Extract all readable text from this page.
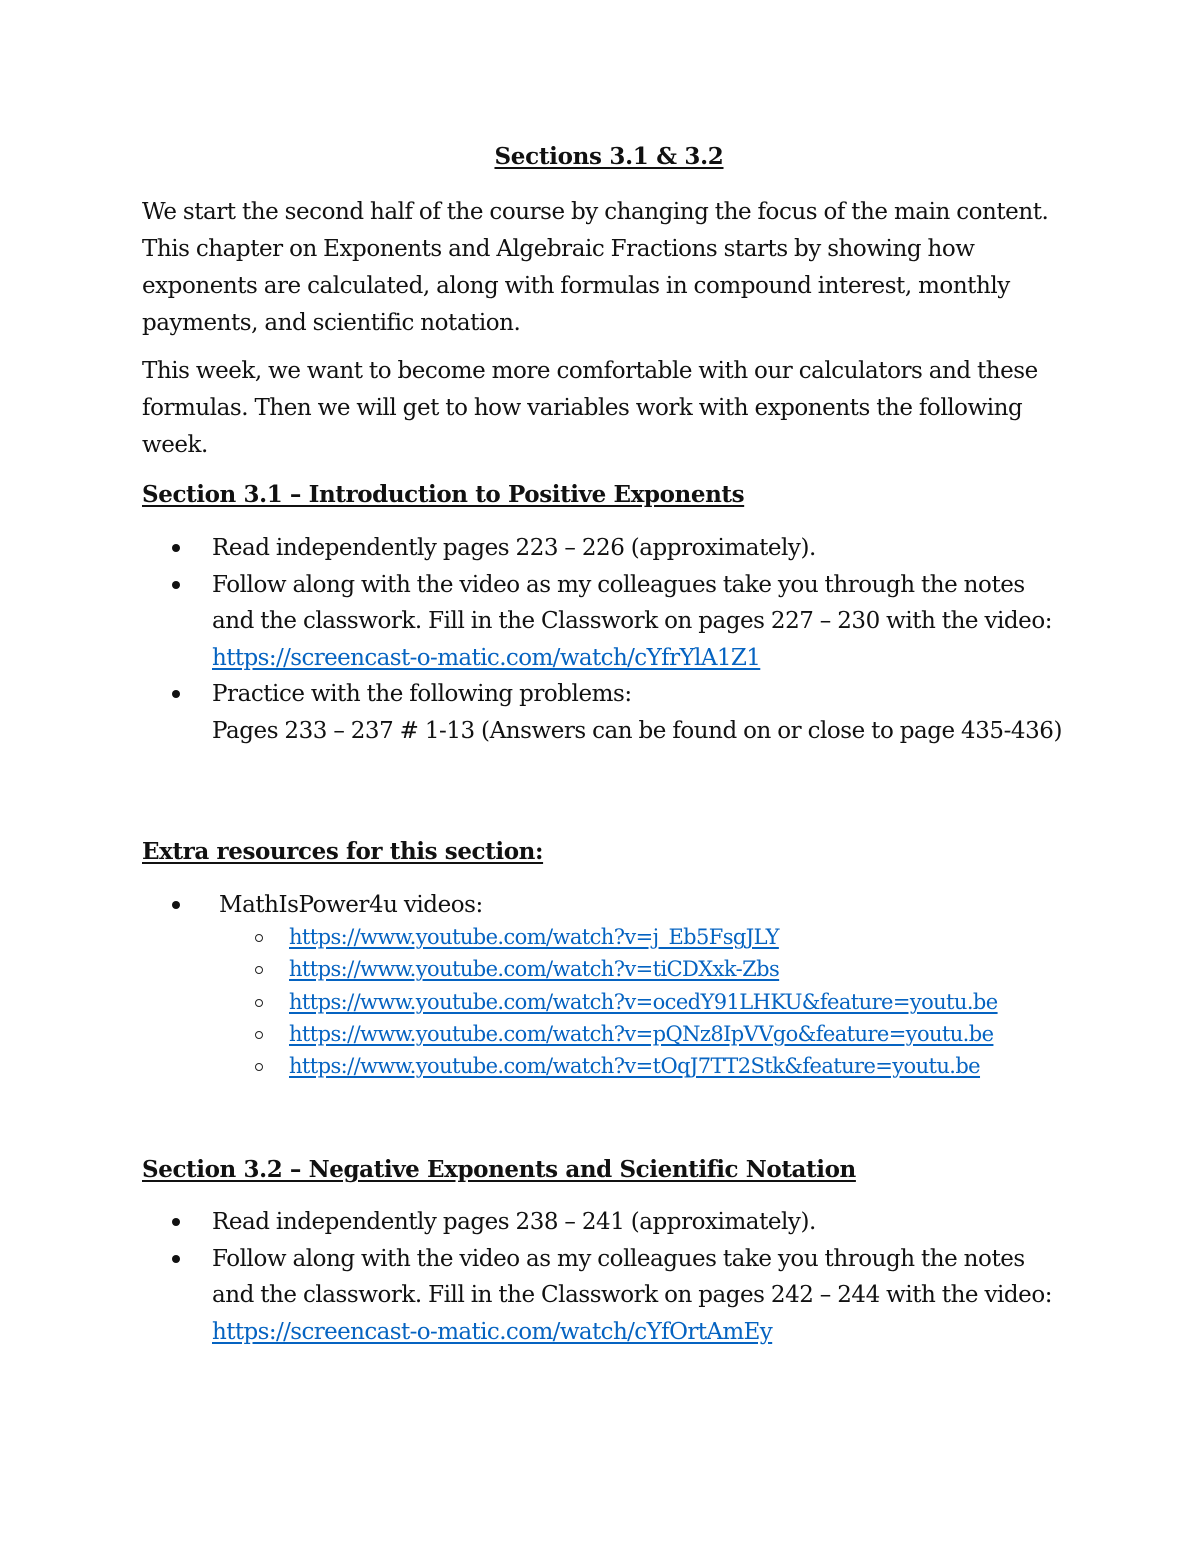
Sections 3.1 & 3.2

We start the second half of the course by changing the focus of the main content. This chapter on Exponents and Algebraic Fractions starts by showing how exponents are calculated, along with formulas in compound interest, monthly payments, and scientific notation.

This week, we want to become more comfortable with our calculators and these formulas. Then we will get to how variables work with exponents the following week.

Section 3.1 – Introduction to Positive Exponents
Read independently pages 223 – 226 (approximately).
Follow along with the video as my colleagues take you through the notes and the classwork. Fill in the Classwork on pages 227 – 230 with the video:
https://screencast-o-matic.com/watch/cYfrYlA1Z1
Practice with the following problems:
Pages 233 – 237 # 1-13 (Answers can be found on or close to page 435-436)
Extra resources for this section:
MathIsPower4u videos:
https://www.youtube.com/watch?v=j_Eb5FsgJLY
https://www.youtube.com/watch?v=tiCDXxk-Zbs
https://www.youtube.com/watch?v=ocedY91LHKU&feature=youtu.be
https://www.youtube.com/watch?v=pQNz8IpVVgo&feature=youtu.be
https://www.youtube.com/watch?v=tOqJ7TT2Stk&feature=youtu.be
Section 3.2 – Negative Exponents and Scientific Notation
Read independently pages 238 – 241 (approximately).
Follow along with the video as my colleagues take you through the notes and the classwork. Fill in the Classwork on pages 242 – 244 with the video:
https://screencast-o-matic.com/watch/cYfOrtAmEy
